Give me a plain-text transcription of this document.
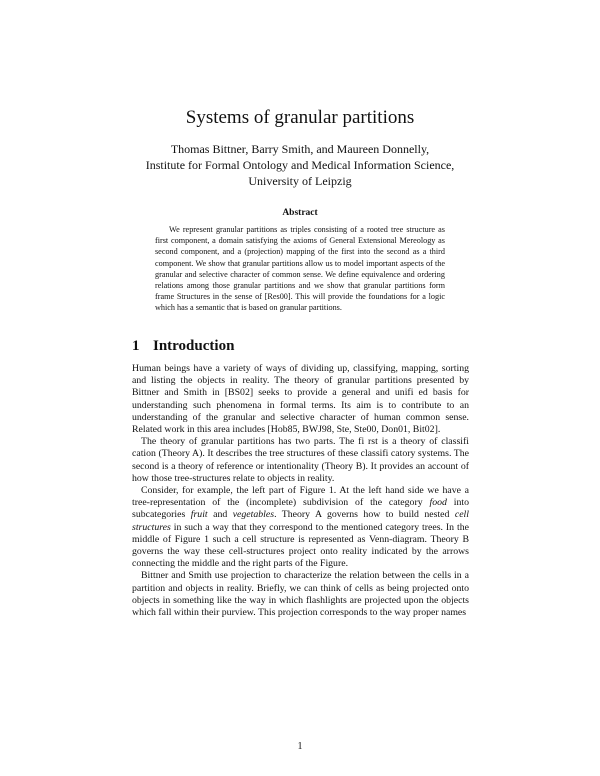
Systems of granular partitions
Thomas Bittner, Barry Smith, and Maureen Donnelly,
Institute for Formal Ontology and Medical Information Science,
University of Leipzig
Abstract
We represent granular partitions as triples consisting of a rooted tree structure as first component, a domain satisfying the axioms of General Extensional Mereology as second component, and a (projection) mapping of the first into the second as a third component. We show that granular partitions allow us to model important aspects of the granular and selective character of common sense. We define equivalence and ordering relations among those granular partitions and we show that granular partitions form frame Structures in the sense of [Res00]. This will provide the foundations for a logic which has a semantic that is based on granular partitions.
1 Introduction

Human beings have a variety of ways of dividing up, classifying, mapping, sorting and listing the objects in reality. The theory of granular partitions presented by Bittner and Smith in [BS02] seeks to provide a general and unifi ed basis for understanding such phenomena in formal terms. Its aim is to contribute to an understanding of the granular and selective character of human common sense. Related work in this area includes [Hob85, BWJ98, Ste, Ste00, Don01, Bit02].

The theory of granular partitions has two parts. The fi rst is a theory of classifi cation (Theory A). It describes the tree structures of these classifi catory systems. The second is a theory of reference or intentionality (Theory B). It provides an account of how those tree-structures relate to objects in reality.

Consider, for example, the left part of Figure 1. At the left hand side we have a tree-representation of the (incomplete) subdivision of the category food into subcategories fruit and vegetables. Theory A governs how to build nested cell structures in such a way that they correspond to the mentioned category trees. In the middle of Figure 1 such a cell structure is represented as Venn-diagram. Theory B governs the way these cell-structures project onto reality indicated by the arrows connecting the middle and the right parts of the Figure.

Bittner and Smith use projection to characterize the relation between the cells in a partition and objects in reality. Briefly, we can think of cells as being projected onto objects in something like the way in which flashlights are projected upon the objects which fall within their purview. This projection corresponds to the way proper names

1
